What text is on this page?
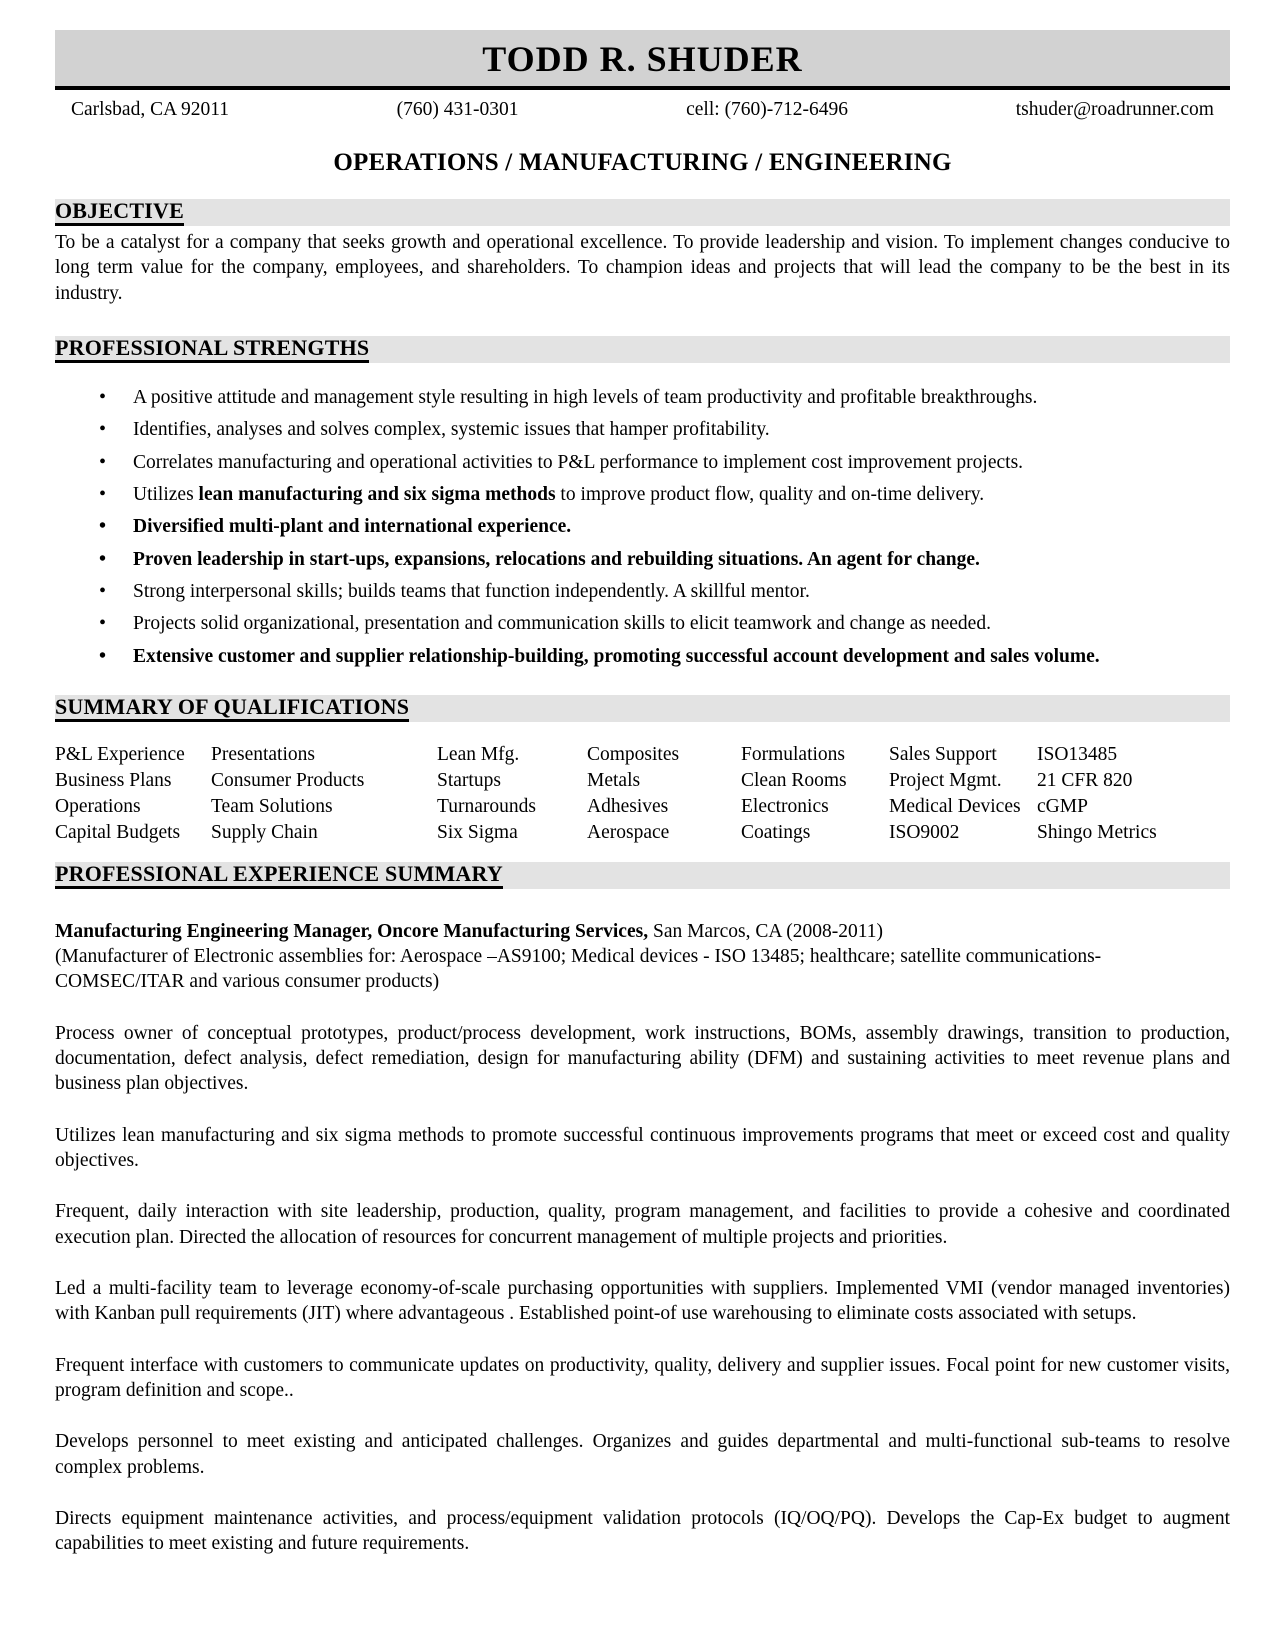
TODD R. SHUDER
Carlsbad, CA 92011	(760) 431-0301	cell: (760)-712-6496	tshuder@roadrunner.com
OPERATIONS / MANUFACTURING / ENGINEERING
OBJECTIVE

To be a catalyst for a company that seeks growth and operational excellence. To provide leadership and vision. To implement changes conducive to long term value for the company, employees, and shareholders. To champion ideas and projects that will lead the company to be the best in its industry.

PROFESSIONAL STRENGTHS
• A positive attitude and management style resulting in high levels of team productivity and profitable breakthroughs.
• Identifies, analyses and solves complex, systemic issues that hamper profitability.
• Correlates manufacturing and operational activities to P&L performance to implement cost improvement projects.
• Utilizes lean manufacturing and six sigma methods to improve product flow, quality and on-time delivery.
• Diversified multi-plant and international experience.
• Proven leadership in start-ups, expansions, relocations and rebuilding situations. An agent for change.
• Strong interpersonal skills; builds teams that function independently. A skillful mentor.
• Projects solid organizational, presentation and communication skills to elicit teamwork and change as needed.
• Extensive customer and supplier relationship-building, promoting successful account development and sales volume.
SUMMARY OF QUALIFICATIONS
P&L Experience	Presentations	Lean Mfg.	Composites	Formulations	Sales Support	ISO13485
Business Plans	Consumer Products	Startups	Metals	Clean Rooms	Project Mgmt.	21 CFR 820
Operations	Team Solutions	Turnarounds	Adhesives	Electronics	Medical Devices	cGMP
Capital Budgets	Supply Chain	Six Sigma	Aerospace	Coatings	ISO9002	Shingo Metrics
PROFESSIONAL EXPERIENCE SUMMARY
Manufacturing Engineering Manager, Oncore Manufacturing Services, San Marcos, CA (2008-2011)
(Manufacturer of Electronic assemblies for: Aerospace –AS9100; Medical devices - ISO 13485; healthcare; satellite communications-COMSEC/ITAR and various consumer products)

Process owner of conceptual prototypes, product/process development, work instructions, BOMs, assembly drawings, transition to production, documentation, defect analysis, defect remediation, design for manufacturing ability (DFM) and sustaining activities to meet revenue plans and business plan objectives.

Utilizes lean manufacturing and six sigma methods to promote successful continuous improvements programs that meet or exceed cost and quality objectives.

Frequent, daily interaction with site leadership, production, quality, program management, and facilities to provide a cohesive and coordinated execution plan. Directed the allocation of resources for concurrent management of multiple projects and priorities.

Led a multi-facility team to leverage economy-of-scale purchasing opportunities with suppliers. Implemented VMI (vendor managed inventories) with Kanban pull requirements (JIT) where advantageous . Established point-of use warehousing to eliminate costs associated with setups.

Frequent interface with customers to communicate updates on productivity, quality, delivery and supplier issues. Focal point for new customer visits, program definition and scope..

Develops personnel to meet existing and anticipated challenges. Organizes and guides departmental and multi-functional sub-teams to resolve complex problems.

Directs equipment maintenance activities, and process/equipment validation protocols (IQ/OQ/PQ). Develops the Cap-Ex budget to augment capabilities to meet existing and future requirements.
